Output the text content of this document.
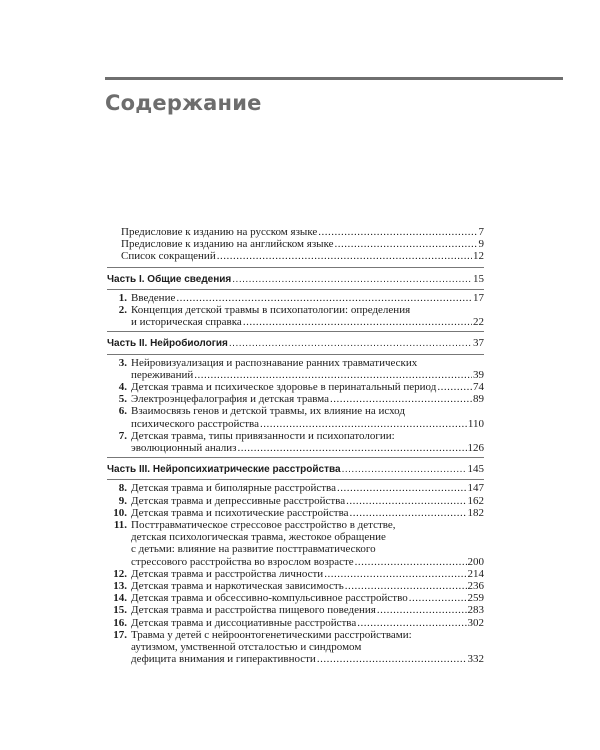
Содержание
Предисловие к изданию на русском языке .....	7
Предисловие к изданию на английском языке .....	9
Список сокращений .....	12
Часть I. Общие сведения .....	15
1. Введение .....	17
2. Концепция детской травмы в психопатологии: определения
и историческая справка .....	22
Часть II. Нейробиология .....	37
3. Нейровизуализация и распознавание ранних травматических
переживаний .....	39
4. Детская травма и психическое здоровье в перинатальный период .....	74
5. Электроэнцефалография и детская травма .....	89
6. Взаимосвязь генов и детской травмы, их влияние на исход
психического расстройства .....	110
7. Детская травма, типы привязанности и психопатологии:
эволюционный анализ .....	126
Часть III. Нейропсихиатрические расстройства .....	145
8. Детская травма и биполярные расстройства .....	147
9. Детская травма и депрессивные расстройства .....	162
10. Детская травма и психотические расстройства .....	182
11. Посттравматическое стрессовое расстройство в детстве,
детская психологическая травма, жестокое обращение
с детьми: влияние на развитие посттравматического
стрессового расстройства во взрослом возрасте .....	200
12. Детская травма и расстройства личности .....	214
13. Детская травма и наркотическая зависимость .....	236
14. Детская травма и обсессивно-компульсивное расстройство .....	259
15. Детская травма и расстройства пищевого поведения .....	283
16. Детская травма и диссоциативные расстройства .....	302
17. Травма у детей с нейроонтогенетическими расстройствами:
аутизмом, умственной отсталостью и синдромом
дефицита внимания и гиперактивности .....	332
